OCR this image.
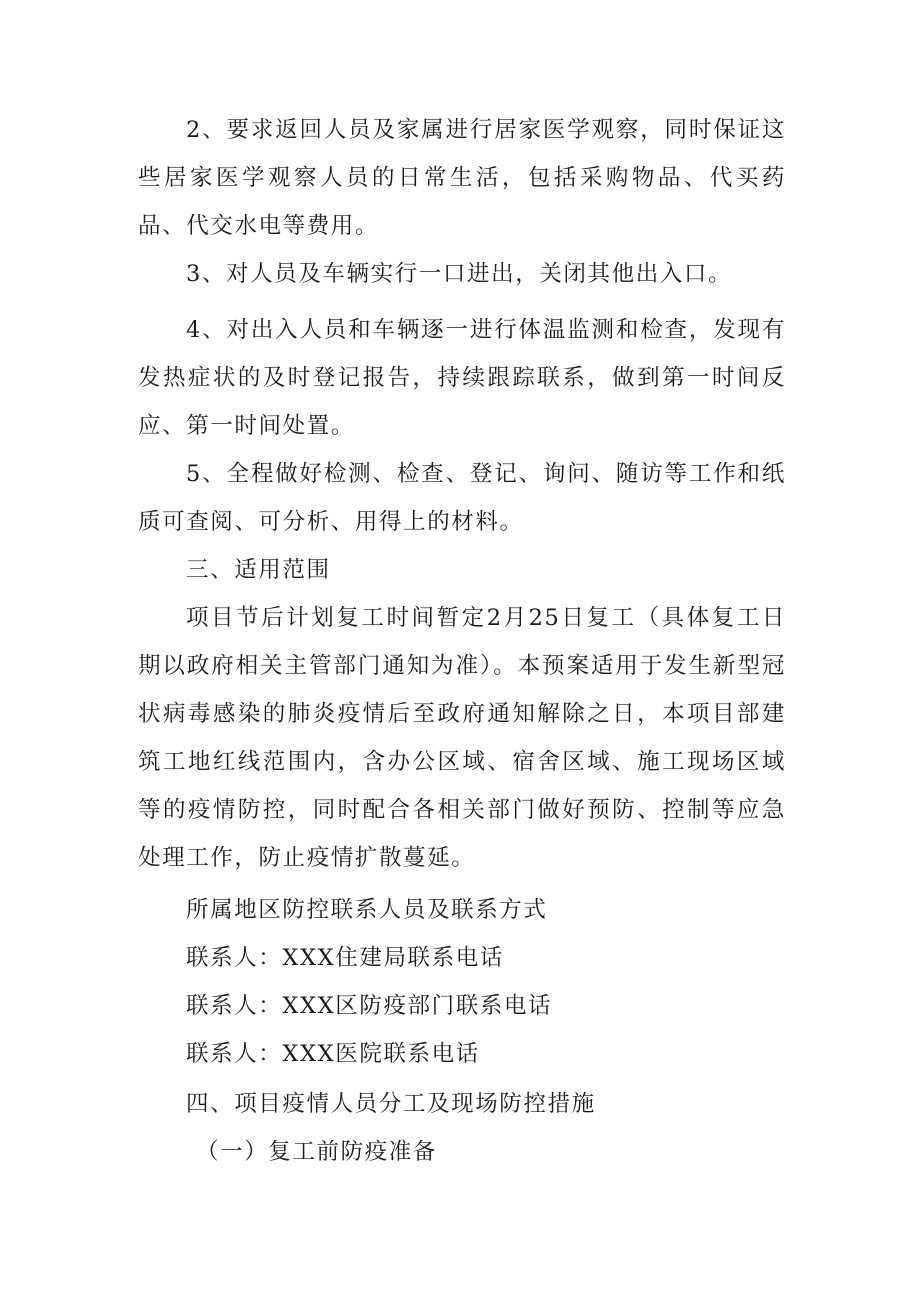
2、要求返回人员及家属进行居家医学观察，同时保证这些居家医学观察人员的日常生活，包括采购物品、代买药品、代交水电等费用。

3、对人员及车辆实行一口进出，关闭其他出入口。

4、对出入人员和车辆逐一进行体温监测和检查，发现有发热症状的及时登记报告，持续跟踪联系，做到第一时间反应、第一时间处置。

5、全程做好检测、检查、登记、询问、随访等工作和纸质可查阅、可分析、用得上的材料。

三、适用范围

项目节后计划复工时间暂定2月25日复工（具体复工日期以政府相关主管部门通知为准）。本预案适用于发生新型冠状病毒感染的肺炎疫情后至政府通知解除之日，本项目部建筑工地红线范围内，含办公区域、宿舍区域、施工现场区域等的疫情防控，同时配合各相关部门做好预防、控制等应急处理工作，防止疫情扩散蔓延。

所属地区防控联系人员及联系方式

联系人：XXX住建局联系电话

联系人：XXX区防疫部门联系电话

联系人：XXX医院联系电话

四、项目疫情人员分工及现场防控措施

（一）复工前防疫准备
